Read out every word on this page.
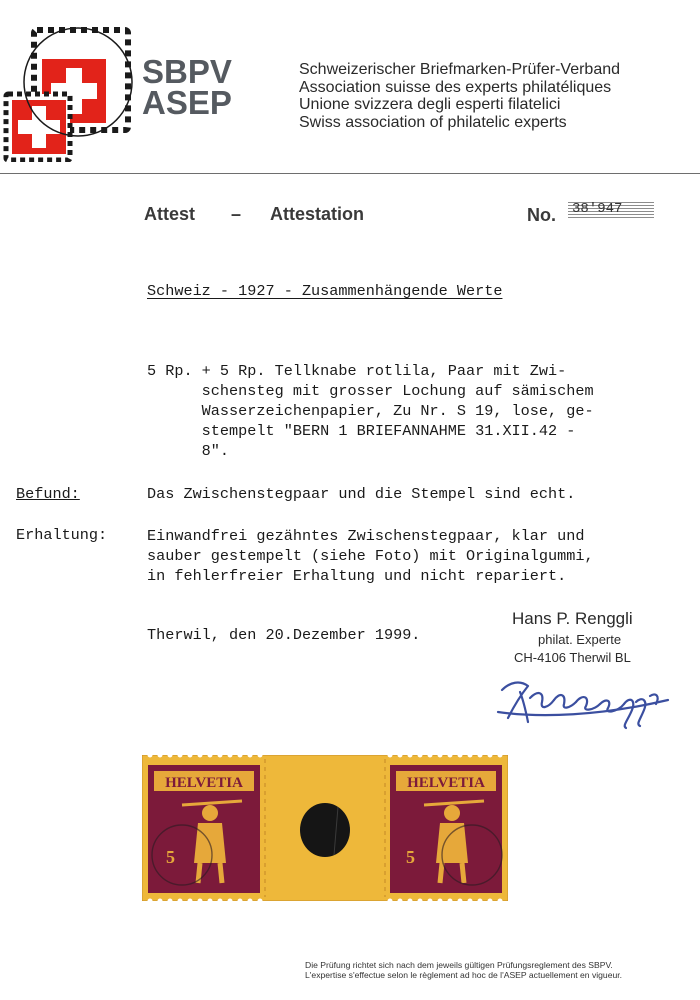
SBPV
ASEP
Schweizerischer Briefmarken-Prüfer-Verband
Association suisse des experts philatéliques
Unione svizzera degli esperti filatelici
Swiss association of philatelic experts
Attest – Attestation	No. 38'947
Schweiz - 1927 - Zusammenhängende Werte
5 Rp. + 5 Rp. Tellknabe rotlila, Paar mit Zwi-
schensteg mit grosser Lochung auf sämischem
Wasserzeichenpapier, Zu Nr. S 19, lose, ge-
stempelt "BERN 1 BRIEFANNAHME 31.XII.42 -
8".
Befund:	Das Zwischenstegpaar und die Stempel sind echt.
Erhaltung:	Einwandfrei gezähntes Zwischenstegpaar, klar und
sauber gestempelt (siehe Foto) mit Originalgummi,
in fehlerfreier Erhaltung und nicht repariert.
Therwil, den 20.Dezember 1999.
Hans P. Renggli
philat. Experte
CH-4106 Therwil BL
HELVETIA
5
HELVETIA
5
Die Prüfung richtet sich nach dem jeweils gültigen Prüfungsreglement des SBPV.
L'expertise s'effectue selon le règlement ad hoc de l'ASEP actuellement en vigueur.
